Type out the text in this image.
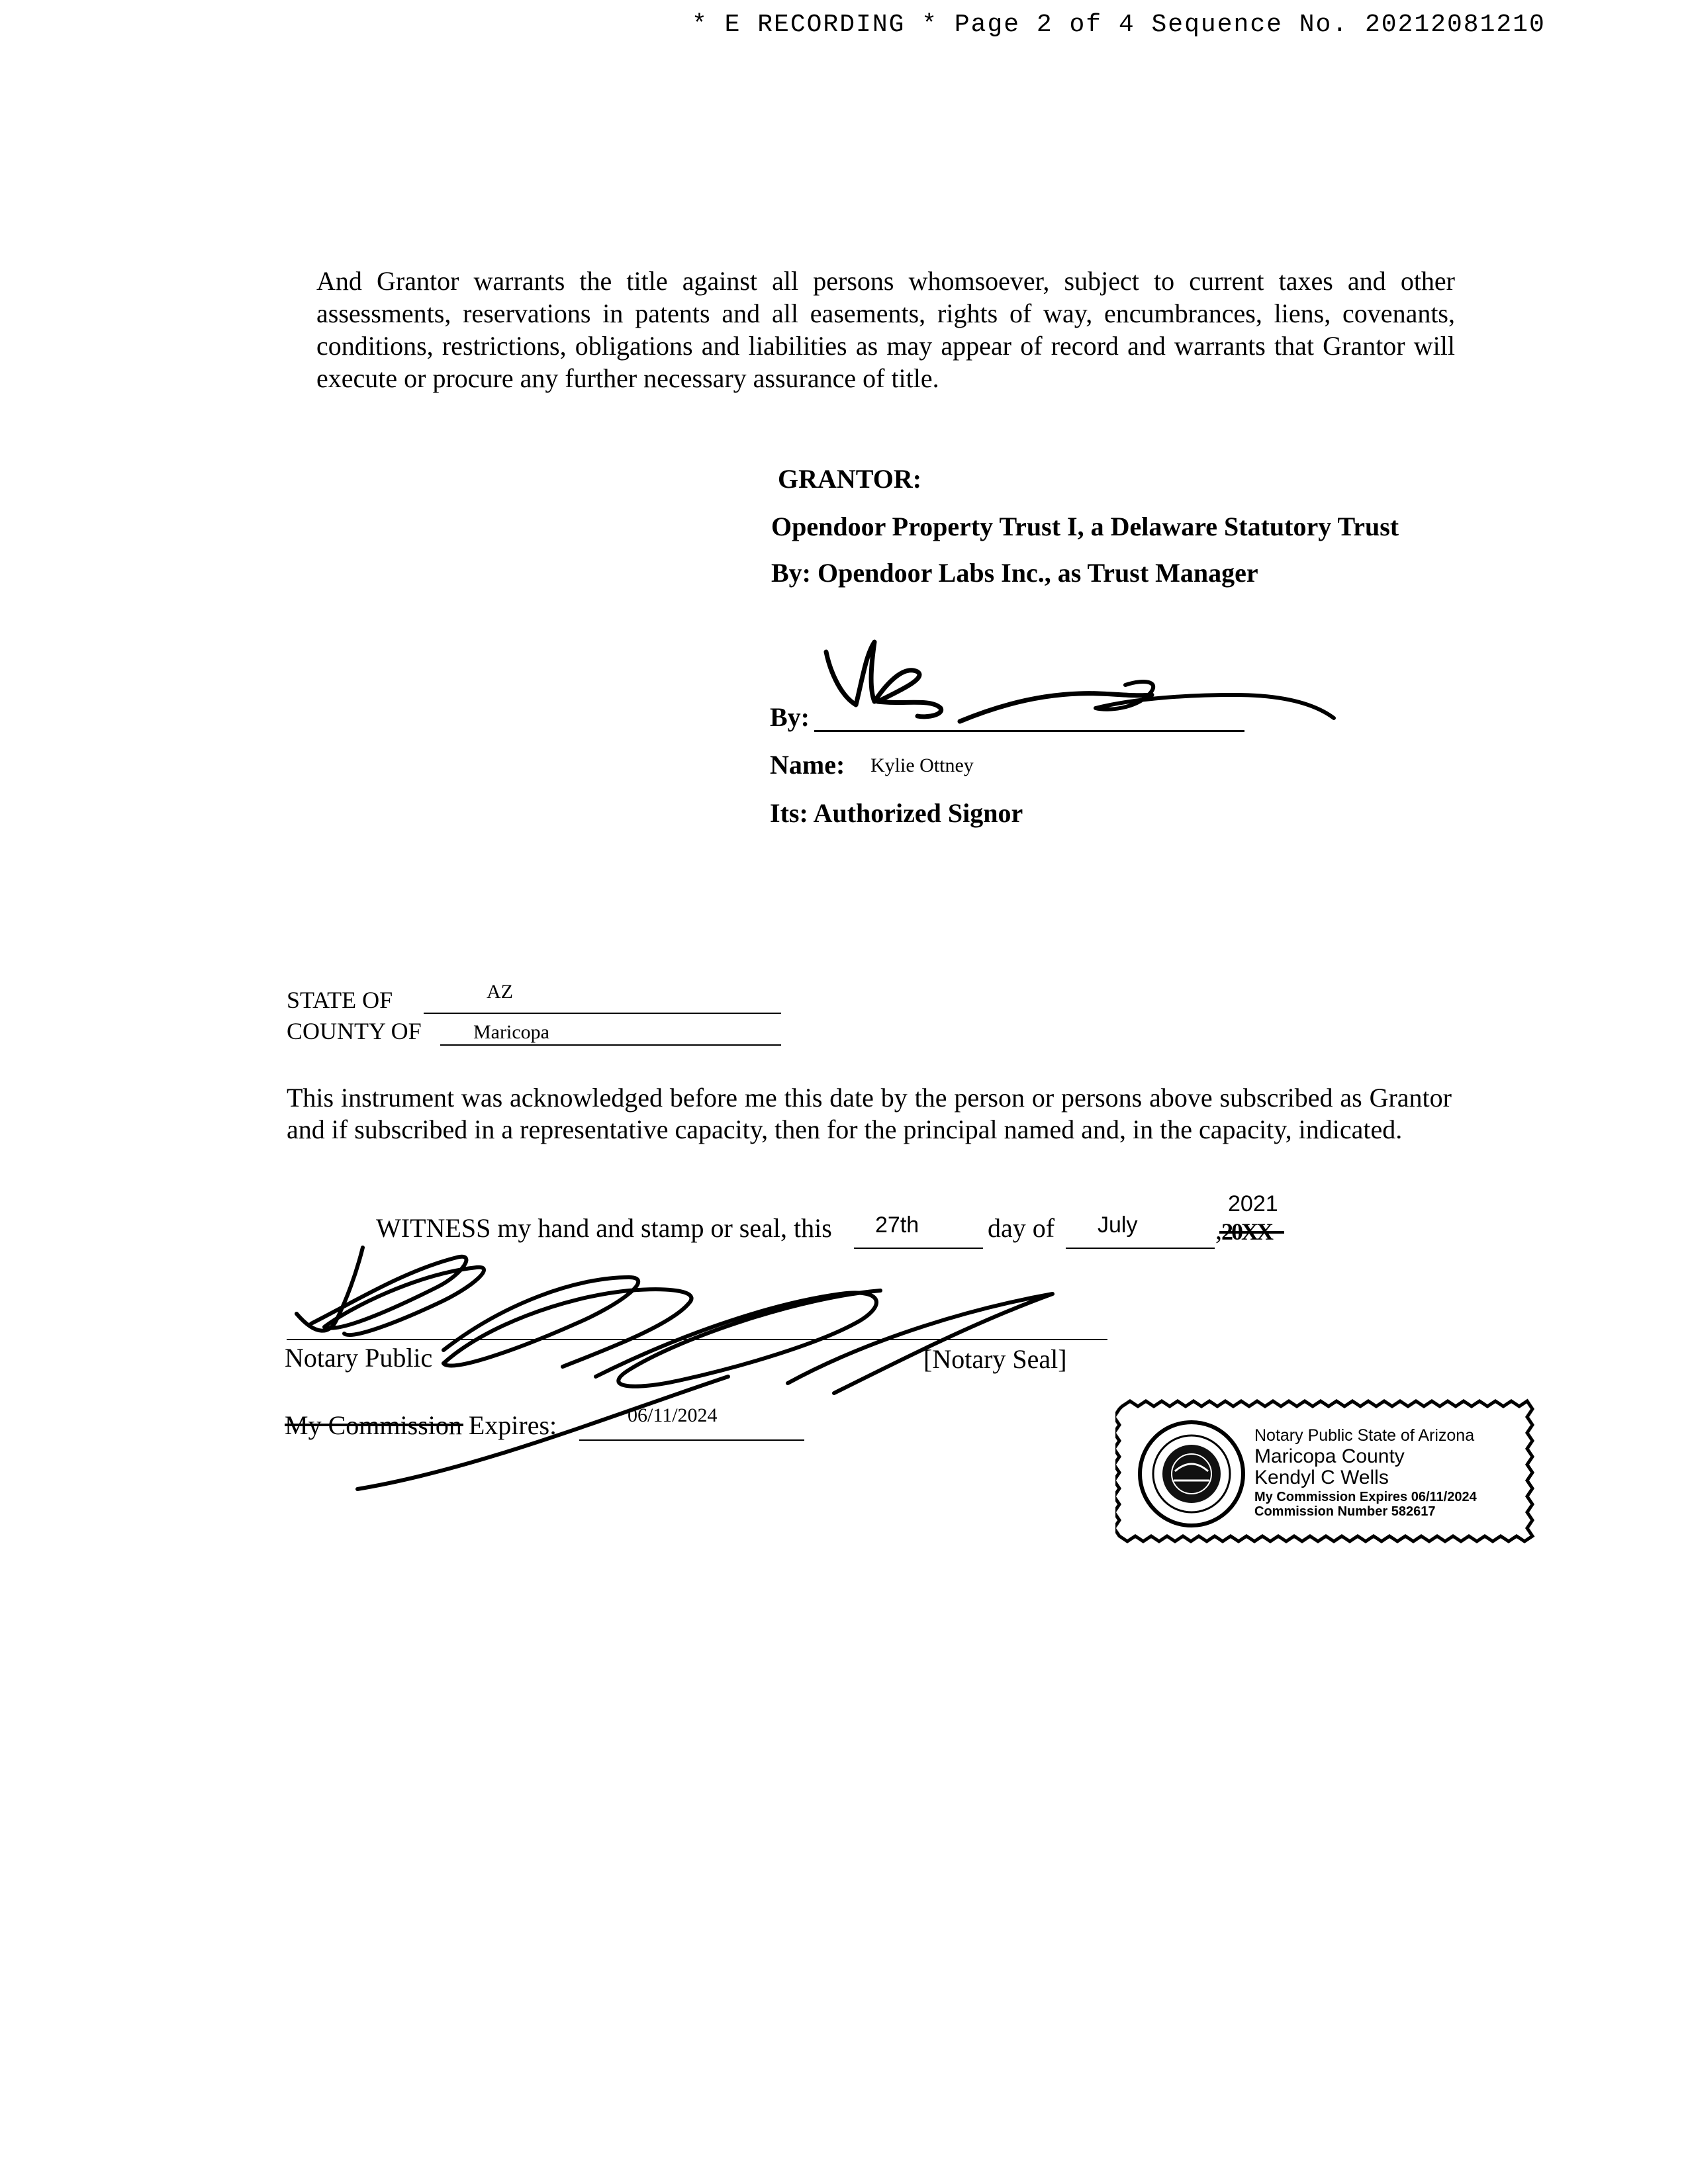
* E RECORDING * Page 2 of 4 Sequence No. 20212081210
And Grantor warrants the title against all persons whomsoever, subject to current taxes and other assessments, reservations in patents and all easements, rights of way, encumbrances, liens, covenants, conditions, restrictions, obligations and liabilities as may appear of record and warrants that Grantor will execute or procure any further necessary assurance of title.
GRANTOR:
Opendoor Property Trust I, a Delaware Statutory Trust
By: Opendoor Labs Inc., as Trust Manager
By:
Name: Kylie Ottney
Its: Authorized Signor
STATE OF	AZ
COUNTY OF	Maricopa
This instrument was acknowledged before me this date by the person or persons above subscribed as Grantor and if subscribed in a representative capacity, then for the principal named and, in the capacity, indicated.
WITNESS my hand and stamp or seal, this 27th	day of July	,
2021
20XX
Notary Public	[Notary Seal]
My Commission Expires:	06/11/2024
Notary Public State of Arizona
Maricopa County
Kendyl C Wells
My Commission Expires 06/11/2024
Commission Number 582617
